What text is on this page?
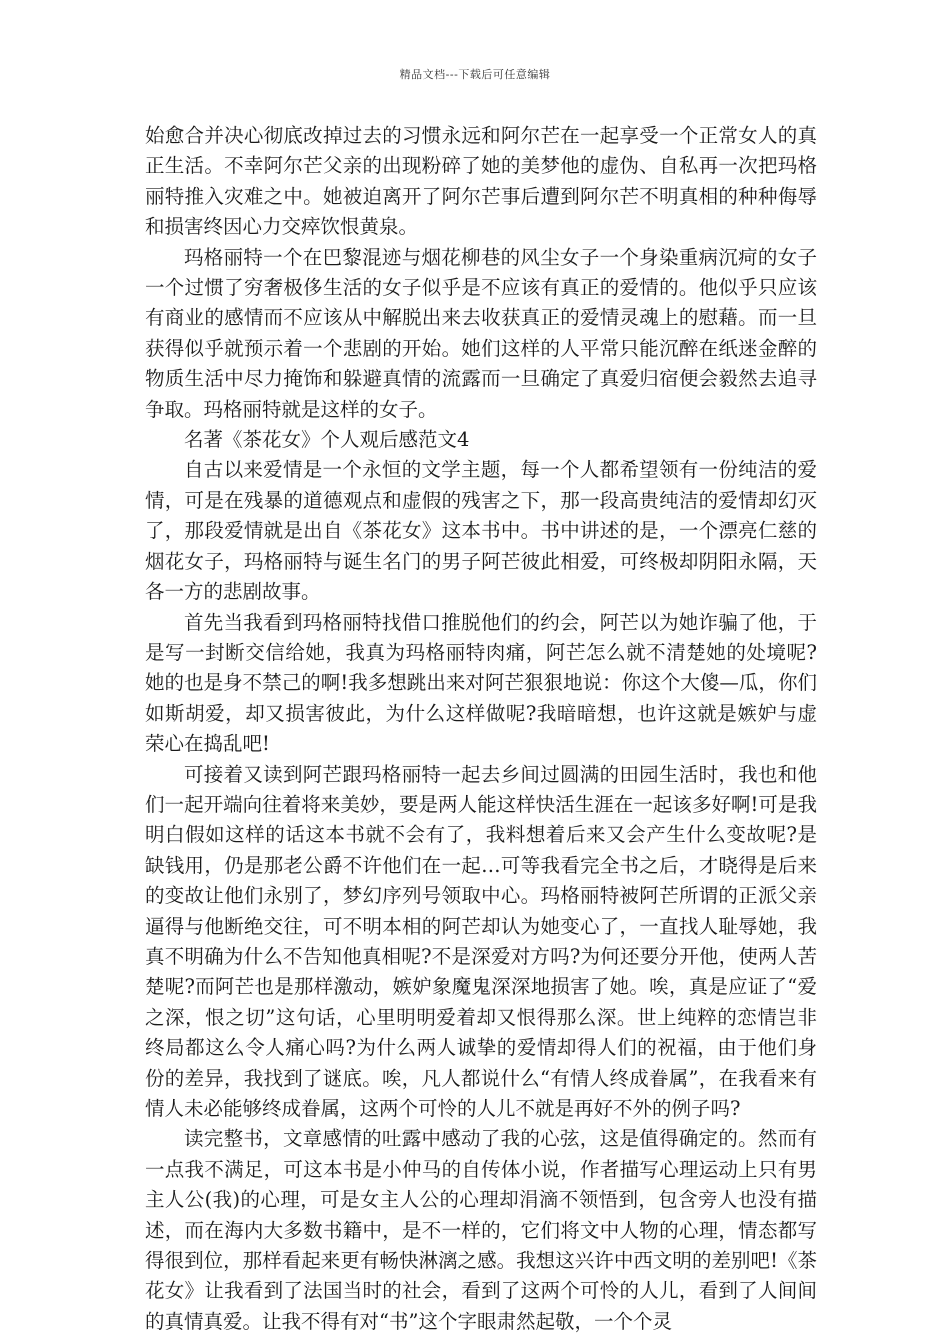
精品文档---下载后可任意编辑

始愈合并决心彻底改掉过去的习惯永远和阿尔芒在一起享受一个正常女人的真正生活。不幸阿尔芒父亲的出现粉碎了她的美梦他的虚伪、自私再一次把玛格丽特推入灾难之中。她被迫离开了阿尔芒事后遭到阿尔芒不明真相的种种侮辱和损害终因心力交瘁饮恨黄泉。

玛格丽特一个在巴黎混迹与烟花柳巷的风尘女子一个身染重病沉疴的女子一个过惯了穷奢极侈生活的女子似乎是不应该有真正的爱情的。他似乎只应该有商业的感情而不应该从中解脱出来去收获真正的爱情灵魂上的慰藉。而一旦获得似乎就预示着一个悲剧的开始。她们这样的人平常只能沉醉在纸迷金醉的物质生活中尽力掩饰和躲避真情的流露而一旦确定了真爱归宿便会毅然去追寻争取。玛格丽特就是这样的女子。

名著《茶花女》个人观后感范文4

自古以来爱情是一个永恒的文学主题，每一个人都希望领有一份纯洁的爱情，可是在残暴的道德观点和虚假的残害之下，那一段高贵纯洁的爱情却幻灭了，那段爱情就是出自《茶花女》这本书中。书中讲述的是，一个漂亮仁慈的烟花女子，玛格丽特与诞生名门的男子阿芒彼此相爱，可终极却阴阳永隔，天各一方的悲剧故事。

首先当我看到玛格丽特找借口推脱他们的约会，阿芒以为她诈骗了他，于是写一封断交信给她，我真为玛格丽特肉痛，阿芒怎么就不清楚她的处境呢?她的也是身不禁己的啊!我多想跳出来对阿芒狠狠地说：你这个大傻—瓜，你们如斯胡爱，却又损害彼此，为什么这样做呢?我暗暗想，也许这就是嫉妒与虚荣心在捣乱吧!

可接着又读到阿芒跟玛格丽特一起去乡间过圆满的田园生活时，我也和他们一起开端向往着将来美妙，要是两人能这样快活生涯在一起该多好啊!可是我明白假如这样的话这本书就不会有了，我料想着后来又会产生什么变故呢?是缺钱用，仍是那老公爵不许他们在一起…可等我看完全书之后，才晓得是后来的变故让他们永别了，梦幻序列号领取中心。玛格丽特被阿芒所谓的正派父亲逼得与他断绝交往，可不明本相的阿芒却认为她变心了，一直找人耻辱她，我真不明确为什么不告知他真相呢?不是深爱对方吗?为何还要分开他，使两人苦楚呢?而阿芒也是那样激动，嫉妒象魔鬼深深地损害了她。唉，真是应证了“爱之深，恨之切”这句话，心里明明爱着却又恨得那么深。世上纯粹的恋情岂非终局都这么令人痛心吗?为什么两人诚挚的爱情却得人们的祝福，由于他们身份的差异，我找到了谜底。唉，凡人都说什么“有情人终成眷属”，在我看来有情人未必能够终成眷属，这两个可怜的人儿不就是再好不外的例子吗?

读完整书，文章感情的吐露中感动了我的心弦，这是值得确定的。然而有一点我不满足，可这本书是小仲马的自传体小说，作者描写心理运动上只有男主人公(我)的心理，可是女主人公的心理却涓滴不领悟到，包含旁人也没有描述，而在海内大多数书籍中，是不一样的，它们将文中人物的心理，情态都写得很到位，那样看起来更有畅快淋漓之感。我想这兴许中西文明的差别吧!《茶花女》让我看到了法国当时的社会，看到了这两个可怜的人儿，看到了人间间的真情真爱。让我不得有对“书”这个字眼肃然起敬，一个个灵
